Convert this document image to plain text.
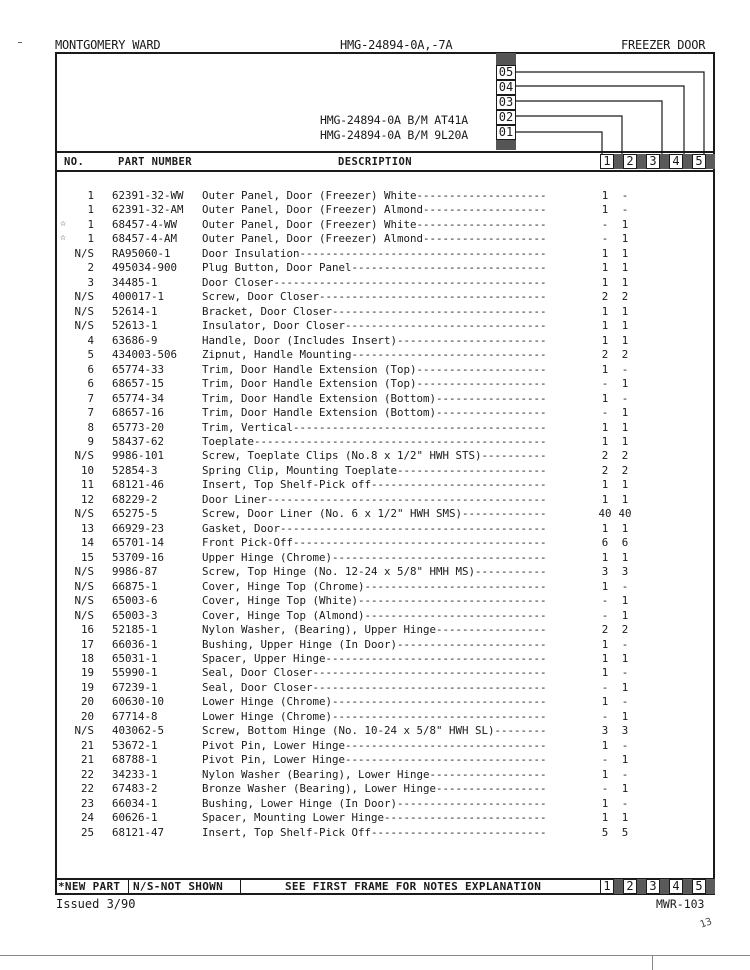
MONTGOMERY WARD	HMG-24894-0A,-7A	FREEZER DOOR
05
04
03
02
01
HMG-24894-0A B/M AT41A
HMG-24894-0A B/M 9L20A
NO.	PART NUMBER	DESCRIPTION	1 2 3 4 5
1 62391-32-WW Outer Panel, Door (Freezer) White--------------------	1	-
1 62391-32-AM Outer Panel, Door (Freezer) Almond-------------------	1	-
☆	1 68457-4-WW Outer Panel, Door (Freezer) White--------------------	-	1
☆	1 68457-4-AM Outer Panel, Door (Freezer) Almond-------------------	-	1
N/S RA95060-1	Door Insulation--------------------------------------	1	1
2 495034-900 Plug Button, Door Panel------------------------------	1	1
3 34485-1	Door Closer------------------------------------------	1	1
N/S 400017-1	Screw, Door Closer-----------------------------------	2	2
N/S 52614-1	Bracket, Door Closer---------------------------------	1	1
N/S 52613-1	Insulator, Door Closer-------------------------------	1	1
4 63686-9	Handle, Door (Includes Insert)-----------------------	1	1
5 434003-506 Zipnut, Handle Mounting------------------------------	2	2
6 65774-33	Trim, Door Handle Extension (Top)--------------------	1	-
6 68657-15	Trim, Door Handle Extension (Top)--------------------	-	1
7 65774-34	Trim, Door Handle Extension (Bottom)-----------------	1	-
7 68657-16	Trim, Door Handle Extension (Bottom)-----------------	-	1
8 65773-20	Trim, Vertical---------------------------------------	1	1
9 58437-62	Toeplate---------------------------------------------	1	1
N/S 9986-101	Screw, Toeplate Clips (No.8 x 1/2" HWH STS)----------	2	2
10 52854-3	Spring Clip, Mounting Toeplate-----------------------	2	2
11 68121-46	Insert, Top Shelf-Pick off---------------------------	1	1
12 68229-2	Door Liner-------------------------------------------	1	1
N/S 65275-5	Screw, Door Liner (No. 6 x 1/2" HWH SMS)-------------	40 40
13 66929-23	Gasket, Door-----------------------------------------	1	1
14 65701-14	Front Pick-Off---------------------------------------	6	6
15 53709-16	Upper Hinge (Chrome)---------------------------------	1	1
N/S 9986-87	Screw, Top Hinge (No. 12-24 x 5/8" HMH MS)-----------	3	3
N/S 66875-1	Cover, Hinge Top (Chrome)----------------------------	1	-
N/S 65003-6	Cover, Hinge Top (White)-----------------------------	-	1
N/S 65003-3	Cover, Hinge Top (Almond)----------------------------	-	1
16 52185-1	Nylon Washer, (Bearing), Upper Hinge-----------------	2	2
17 66036-1	Bushing, Upper Hinge (In Door)-----------------------	1	-
18 65031-1	Spacer, Upper Hinge----------------------------------	1	1
19 55990-1	Seal, Door Closer------------------------------------	1	-
19 67239-1	Seal, Door Closer------------------------------------	-	1
20 60630-10	Lower Hinge (Chrome)---------------------------------	1	-
20 67714-8	Lower Hinge (Chrome)---------------------------------	-	1
N/S 403062-5	Screw, Bottom Hinge (No. 10-24 x 5/8" HWH SL)--------	3	3
21 53672-1	Pivot Pin, Lower Hinge-------------------------------	1	-
21 68788-1	Pivot Pin, Lower Hinge-------------------------------	-	1
22 34233-1	Nylon Washer (Bearing), Lower Hinge------------------	1	-
22 67483-2	Bronze Washer (Bearing), Lower Hinge-----------------	-	1
23 66034-1	Bushing, Lower Hinge (In Door)-----------------------	1	-
24 60626-1	Spacer, Mounting Lower Hinge-------------------------	1	1
25 68121-47	Insert, Top Shelf-Pick Off---------------------------	5	5
*NEW PART N/S-NOT SHOWN	SEE FIRST FRAME FOR NOTES EXPLANATION	1 2 3 4 5
Issued 3/90	MWR-103
13
